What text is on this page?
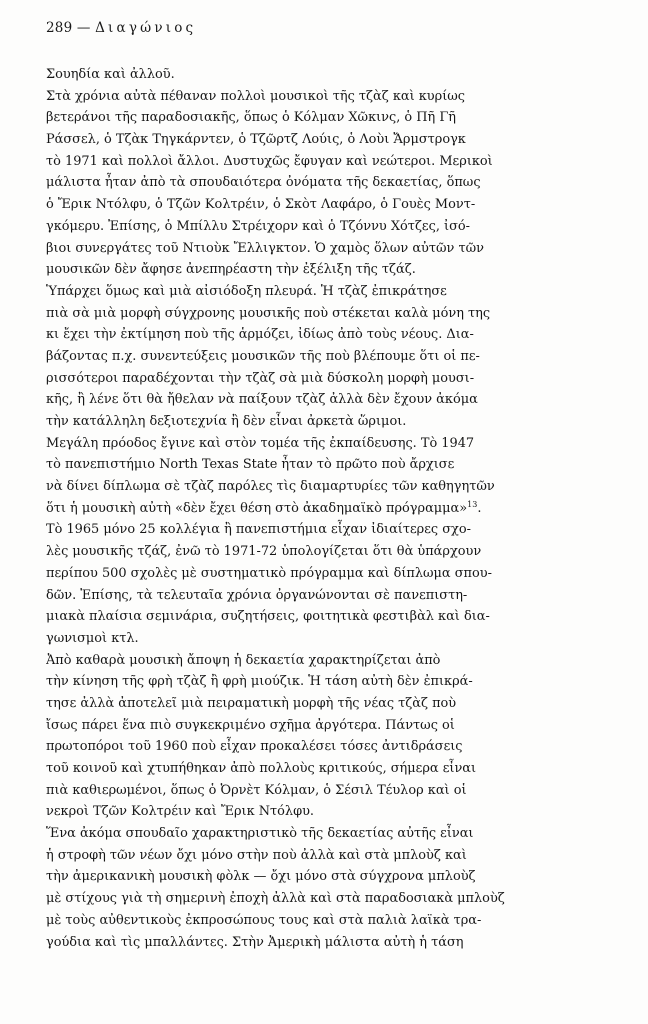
289 — Διαγώνιος
Σουηδία καὶ ἀλλοῦ.
Στὰ χρόνια αὐτὰ πέθαναν πολλοὶ μουσικοὶ τῆς τζὰζ καὶ κυρίως
βετεράνοι τῆς παραδοσιακῆς, ὅπως ὁ Κόλμαν Χῶκινς, ὁ Πῆ Γῆ
Ράσσελ, ὁ Τζὰκ Τηγκάρντεν, ὁ Τζῶρτζ Λούις, ὁ Λοὺι Ἄρμστρογκ
τὸ 1971 καὶ πολλοὶ ἄλλοι. Δυστυχῶς ἔφυγαν καὶ νεώτεροι. Μερικοὶ
μάλιστα ἦταν ἀπὸ τὰ σπουδαιότερα ὀνόματα τῆς δεκαετίας, ὅπως
ὁ Ἔρικ Ντόλφυ, ὁ Τζῶν Κολτρέιν, ὁ Σκὸτ Λαφάρο, ὁ Γουὲς Μοντ-
γκόμερυ. Ἐπίσης, ὁ Μπίλλυ Στρέιχορν καὶ ὁ Τζόννυ Χότζες, ἰσό-
βιοι συνεργάτες τοῦ Ντιοὺκ Ἔλλιγκτον. Ὁ χαμὸς ὅλων αὐτῶν τῶν
μουσικῶν δὲν ἄφησε ἀνεπηρέαστη τὴν ἐξέλιξη τῆς τζάζ.
Ὑπάρχει ὅμως καὶ μιὰ αἰσιόδοξη πλευρά. Ἡ τζὰζ ἐπικράτησε
πιὰ σὰ μιὰ μορφὴ σύγχρονης μουσικῆς ποὺ στέκεται καλὰ μόνη της
κι ἔχει τὴν ἐκτίμηση ποὺ τῆς ἁρμόζει, ἰδίως ἀπὸ τοὺς νέους. Δια-
βάζοντας π.χ. συνεντεύξεις μουσικῶν τῆς ποὺ βλέπουμε ὅτι οἱ πε-
ρισσότεροι παραδέχονται τὴν τζὰζ σὰ μιὰ δύσκολη μορφὴ μουσι-
κῆς, ἢ λένε ὅτι θὰ ἤθελαν νὰ παίξουν τζὰζ ἀλλὰ δὲν ἔχουν ἀκόμα
τὴν κατάλληλη δεξιοτεχνία ἢ δὲν εἶναι ἀρκετὰ ὥριμοι.
Μεγάλη πρόοδος ἔγινε καὶ στὸν τομέα τῆς ἐκπαίδευσης. Τὸ 1947
τὸ πανεπιστήμιο North Texas State ἦταν τὸ πρῶτο ποὺ ἄρχισε
νὰ δίνει δίπλωμα σὲ τζὰζ παρόλες τὶς διαμαρτυρίες τῶν καθηγητῶν
ὅτι ἡ μουσικὴ αὐτὴ «δὲν ἔχει θέση στὸ ἀκαδημαϊκὸ πρόγραμμα»$^{13}$.
Τὸ 1965 μόνο 25 κολλέγια ἢ πανεπιστήμια εἶχαν ἰδιαίτερες σχο-
λὲς μουσικῆς τζάζ, ἐνῶ τὸ 1971-72 ὑπολογίζεται ὅτι θὰ ὑπάρχουν
περίπου 500 σχολὲς μὲ συστηματικὸ πρόγραμμα καὶ δίπλωμα σπου-
δῶν. Ἐπίσης, τὰ τελευταῖα χρόνια ὀργανώνονται σὲ πανεπιστη-
μιακὰ πλαίσια σεμινάρια, συζητήσεις, φοιτητικὰ φεστιβὰλ καὶ δια-
γωνισμοὶ κτλ.
Ἀπὸ καθαρὰ μουσικὴ ἄποψη ἡ δεκαετία χαρακτηρίζεται ἀπὸ
τὴν κίνηση τῆς φρὴ τζὰζ ἢ φρὴ μιούζικ. Ἡ τάση αὐτὴ δὲν ἐπικρά-
τησε ἀλλὰ ἀποτελεῖ μιὰ πειραματικὴ μορφὴ τῆς νέας τζὰζ ποὺ
ἴσως πάρει ἕνα πιὸ συγκεκριμένο σχῆμα ἀργότερα. Πάντως οἱ
πρωτοπόροι τοῦ 1960 ποὺ εἶχαν προκαλέσει τόσες ἀντιδράσεις
τοῦ κοινοῦ καὶ χτυπήθηκαν ἀπὸ πολλοὺς κριτικούς, σήμερα εἶναι
πιὰ καθιερωμένοι, ὅπως ὁ Ὀρνὲτ Κόλμαν, ὁ Σέσιλ Τέυλορ καὶ οἱ
νεκροὶ Τζῶν Κολτρέιν καὶ Ἔρικ Ντόλφυ.
Ἕνα ἀκόμα σπουδαῖο χαρακτηριστικὸ τῆς δεκαετίας αὐτῆς εἶναι
ἡ στροφὴ τῶν νέων ὄχι μόνο στὴν ποὺ ἀλλὰ καὶ στὰ μπλοὺζ καὶ
τὴν ἀμερικανικὴ μουσικὴ φὸλκ — ὄχι μόνο στὰ σύγχρονα μπλοὺζ
μὲ στίχους γιὰ τὴ σημερινὴ ἐποχὴ ἀλλὰ καὶ στὰ παραδοσιακὰ μπλοὺζ
μὲ τοὺς αὐθεντικοὺς ἐκπροσώπους τους καὶ στὰ παλιὰ λαϊκὰ τρα-
γούδια καὶ τὶς μπαλλάντες. Στὴν Ἀμερικὴ μάλιστα αὐτὴ ἡ τάση
